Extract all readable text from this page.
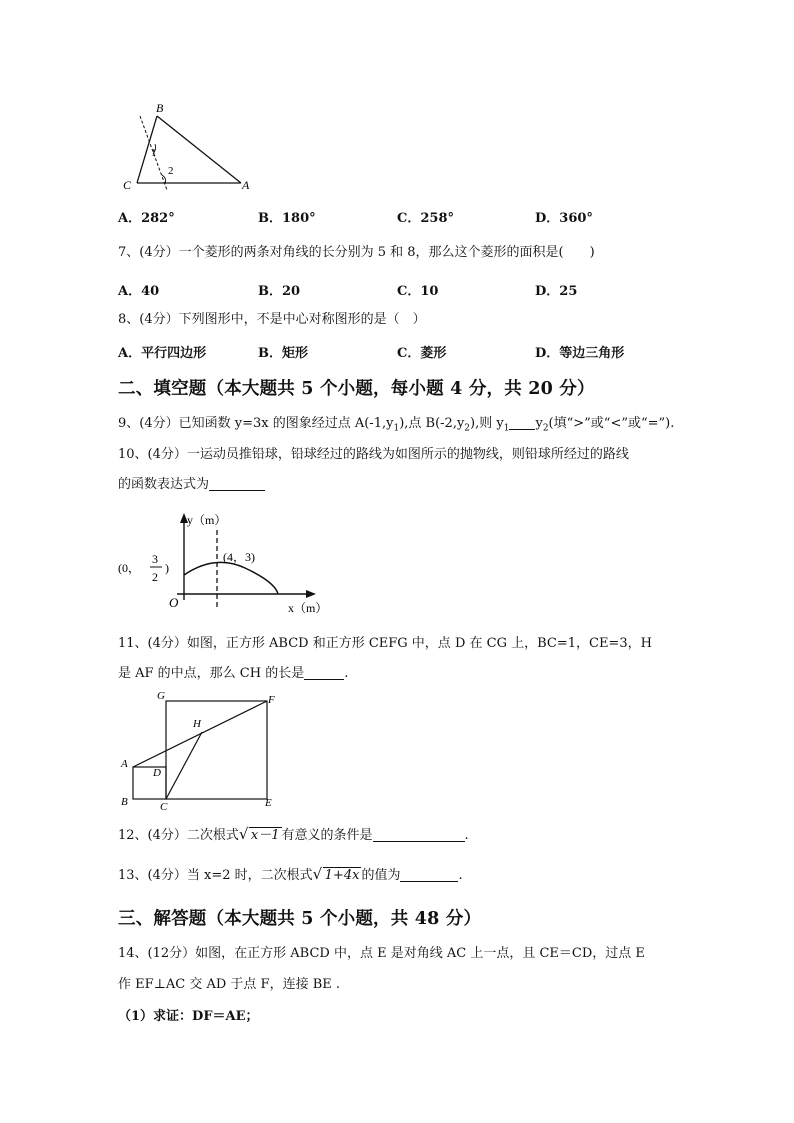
B
C	A
1
2
A．282°	B．180°	C．258°	D．360°
7、(4分）一个菱形的两条对角线的长分别为 5 和 8，那么这个菱形的面积是(　　)
A．40	B．20	C．10	D．25
8、(4分）下列图形中，不是中心对称图形的是（　）
A．平行四边形	B．矩形	C．菱形	D．等边三角形
二、填空题（本大题共 5 个小题，每小题 4 分，共 20 分）
9、(4分）已知函数 y=3x 的图象经过点 $A(-1,y_1)$,点 $B(-2,y_2)$,则 $y_1$ $y_2$(填“>”或“<”或“=”).
10、(4分）一运动员推铅球，铅球经过的路线为如图所示的抛物线，则铅球所经过的路线
的函数表达式为
y（m）
x（m）
O
(4，3)
(0，
3
2
)
11、(4分）如图，正方形 ABCD 和正方形 CEFG 中，点 D 在 CG 上，BC=1，CE=3，H
是 AF 的中点，那么 CH 的长是	.
G	F
H
A
D
B	C	E
12、(4分）二次根式 √ x－1 有意义的条件是	.
13、(4分）当 x=2 时，二次根式 √ 1+4x 的值为	.
三、解答题（本大题共 5 个小题，共 48 分）
14、(12分）如图，在正方形 ABCD 中，点 E 是对角线 AC 上一点，且 CE＝CD，过点 E
作 EF⊥AC 交 AD 于点 F，连接 BE .
（1）求证：DF＝AE；
